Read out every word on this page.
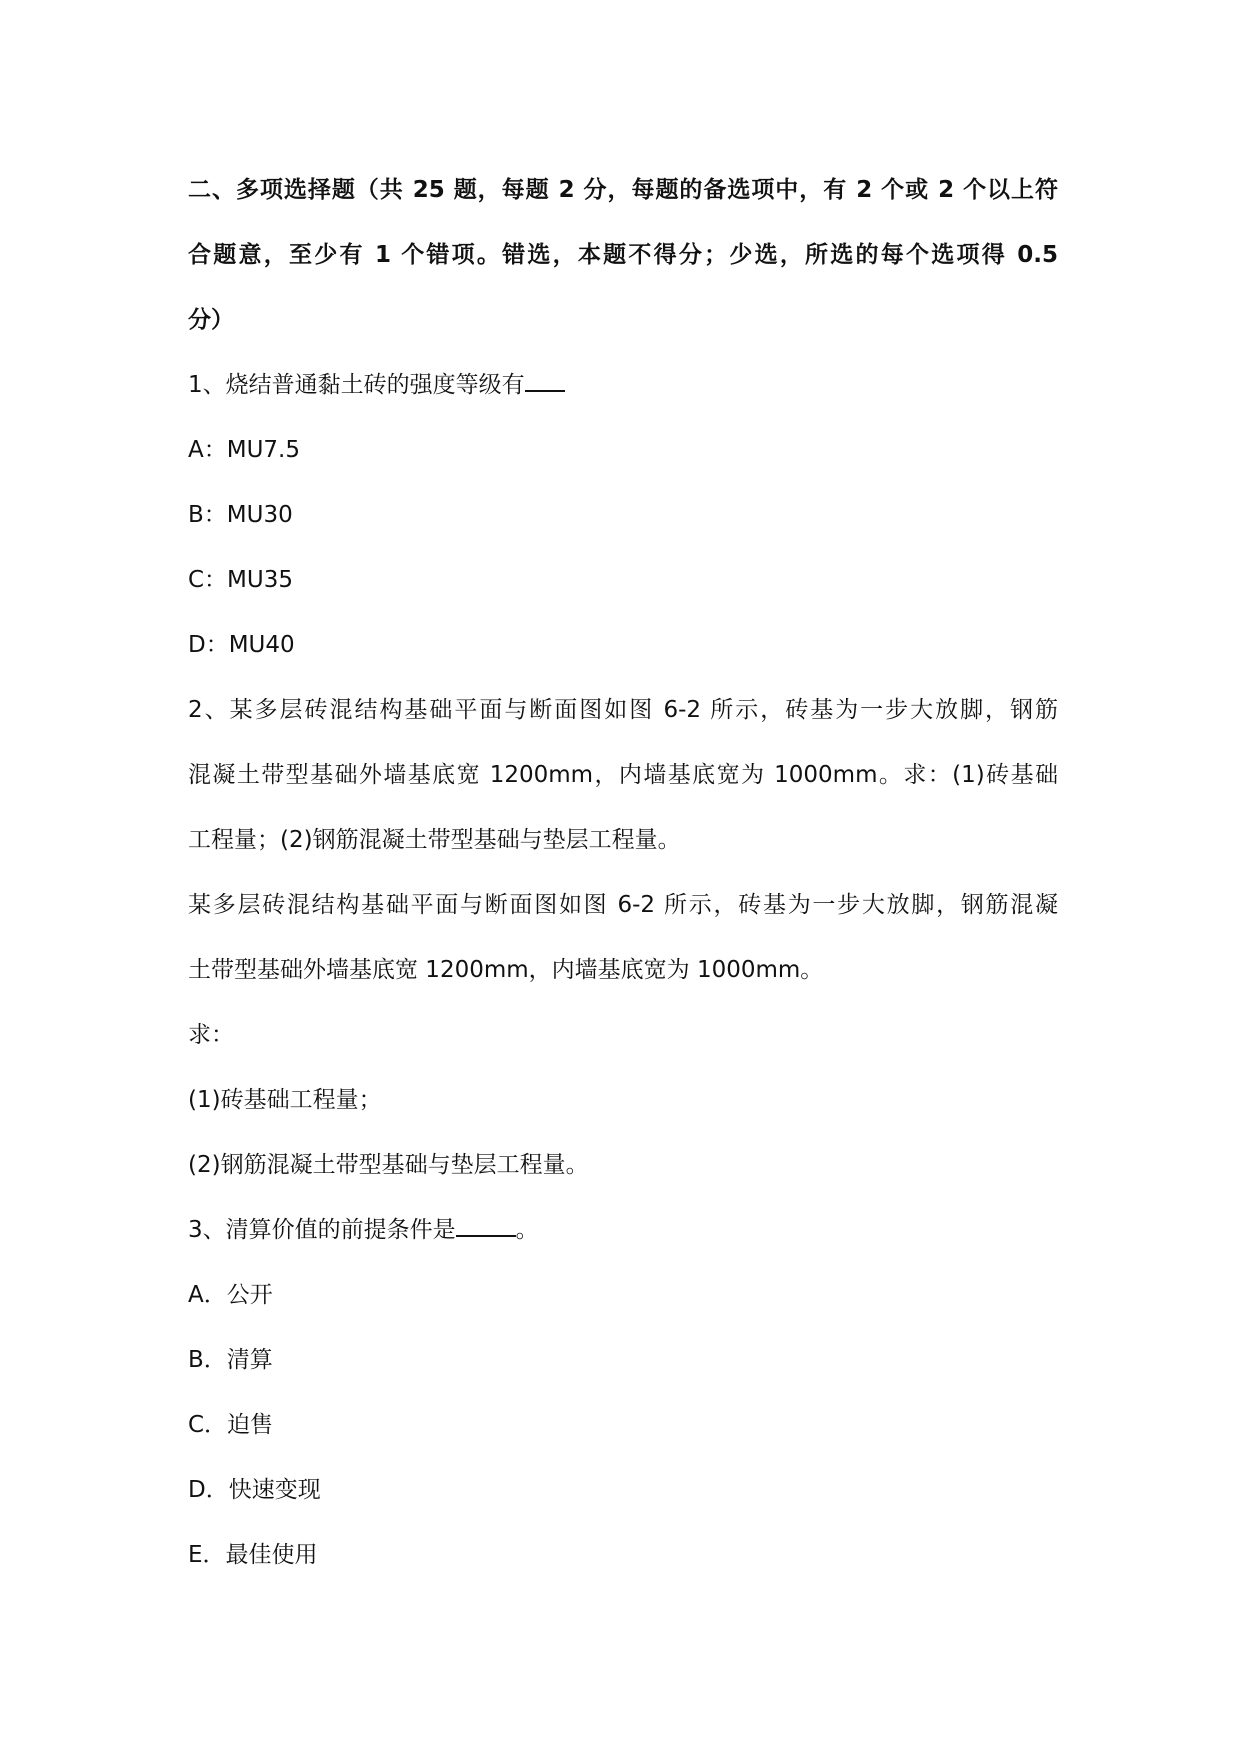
二、多项选择题（共 25 题，每题 2 分，每题的备选项中，有 2 个或 2 个以上符
合题意，至少有 1 个错项。错选，本题不得分；少选，所选的每个选项得 0.5
分）
1、烧结普通黏土砖的强度等级有
A：MU7.5
B：MU30
C：MU35
D：MU40
2、某多层砖混结构基础平面与断面图如图 6-2 所示，砖基为一步大放脚，钢筋
混凝土带型基础外墙基底宽 1200mm，内墙基底宽为 1000mm。求：(1)砖基础
工程量；(2)钢筋混凝土带型基础与垫层工程量。
某多层砖混结构基础平面与断面图如图 6-2 所示，砖基为一步大放脚，钢筋混凝
土带型基础外墙基底宽 1200mm，内墙基底宽为 1000mm。
求：
(1)砖基础工程量；
(2)钢筋混凝土带型基础与垫层工程量。
3、清算价值的前提条件是	。
A．公开
B．清算
C．迫售
D．快速变现
E．最佳使用
